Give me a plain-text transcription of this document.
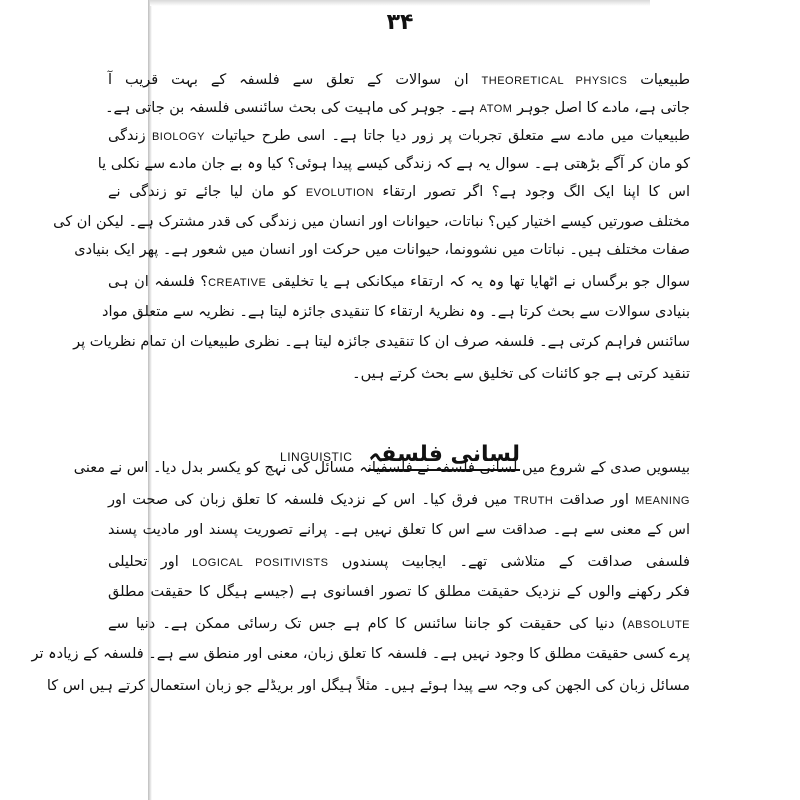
۳۴
طبیعیات THEORETICAL PHYSICS ان سوالات کے تعلق سے فلسفہ کے بہت قریب آ
جاتی ہے، مادے کا اصل جوہر ATOM ہے۔ جوہر کی ماہیت کی بحث سائنسی فلسفہ بن جاتی ہے۔
طبیعیات میں مادے سے متعلق تجربات پر زور دیا جاتا ہے۔ اسی طرح حیاتیات BIOLOGY زندگی
کو مان کر آگے بڑھتی ہے۔ سوال یہ ہے کہ زندگی کیسے پیدا ہوئی؟ کیا وہ بے جان مادے سے نکلی یا
اس کا اپنا ایک الگ وجود ہے؟ اگر تصور ارتقاء EVOLUTION کو مان لیا جائے تو زندگی نے
مختلف صورتیں کیسے اختیار کیں؟ نباتات، حیوانات اور انسان میں زندگی کی قدر مشترک ہے۔ لیکن ان کی
صفات مختلف ہیں۔ نباتات میں نشوونما، حیوانات میں حرکت اور انسان میں شعور ہے۔ پھر ایک بنیادی
سوال جو برگساں نے اٹھایا تھا وہ یہ کہ ارتقاء میکانکی ہے یا تخلیقی CREATIVE؟ فلسفہ ان ہی
بنیادی سوالات سے بحث کرتا ہے۔ وہ نظریۂ ارتقاء کا تنقیدی جائزہ لیتا ہے۔ نظریہ سے متعلق مواد
سائنس فراہم کرتی ہے۔ فلسفہ صرف ان کا تنقیدی جائزہ لیتا ہے۔ نظری طبیعیات ان تمام نظریات پر
تنقید کرتی ہے جو کائنات کی تخلیق سے بحث کرتے ہیں۔
LINGUISTIC لسانی فلسفہ
بیسویں صدی کے شروع میں لسانی فلسفہ نے فلسفیانہ مسائل کی نہج کو یکسر بدل دیا۔ اس نے معنی
MEANING اور صداقت TRUTH میں فرق کیا۔ اس کے نزدیک فلسفہ کا تعلق زبان کی صحت اور
اس کے معنی سے ہے۔ صداقت سے اس کا تعلق نہیں ہے۔ پرانے تصوریت پسند اور مادیت پسند
فلسفی صداقت کے متلاشی تھے۔ ایجابیت پسندوں LOGICAL POSITIVISTS اور تحلیلی
فکر رکھنے والوں کے نزدیک حقیقت مطلق کا تصور افسانوی ہے (جیسے ہیگل کا حقیقت مطلق
ABSOLUTE) دنیا کی حقیقت کو جاننا سائنس کا کام ہے جس تک رسائی ممکن ہے۔ دنیا سے
پرے کسی حقیقت مطلق کا وجود نہیں ہے۔ فلسفہ کا تعلق زبان، معنی اور منطق سے ہے۔ فلسفہ کے زیادہ تر
مسائل زبان کی الجھن کی وجہ سے پیدا ہوئے ہیں۔ مثلاً ہیگل اور بریڈلے جو زبان استعمال کرتے ہیں اس کا
